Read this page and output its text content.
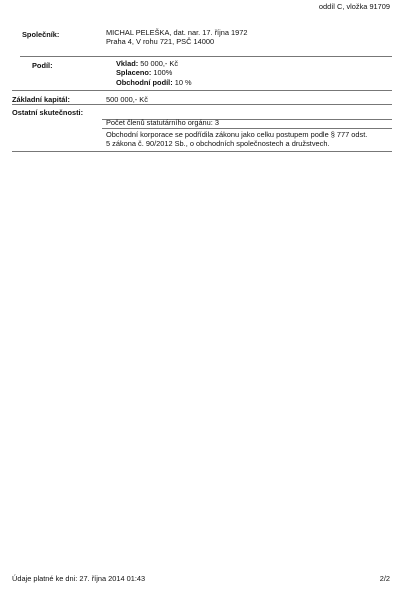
oddíl C, vložka 91709
Společník:	MICHAL PELEŠKA, dat. nar. 17. října 1972
Praha 4, V rohu 721, PSČ 14000
Podíl:	Vklad: 50 000,- Kč
Splaceno: 100%
Obchodní podíl: 10 %
Základní kapitál:	500 000,- Kč
Ostatní skutečnosti:
Počet členů statutárního orgánu: 3
Obchodní korporace se podřídila zákonu jako celku postupem podle § 777 odst.
5 zákona č. 90/2012 Sb., o obchodních společnostech a družstvech.
Údaje platné ke dni: 27. října 2014 01:43	2/2
